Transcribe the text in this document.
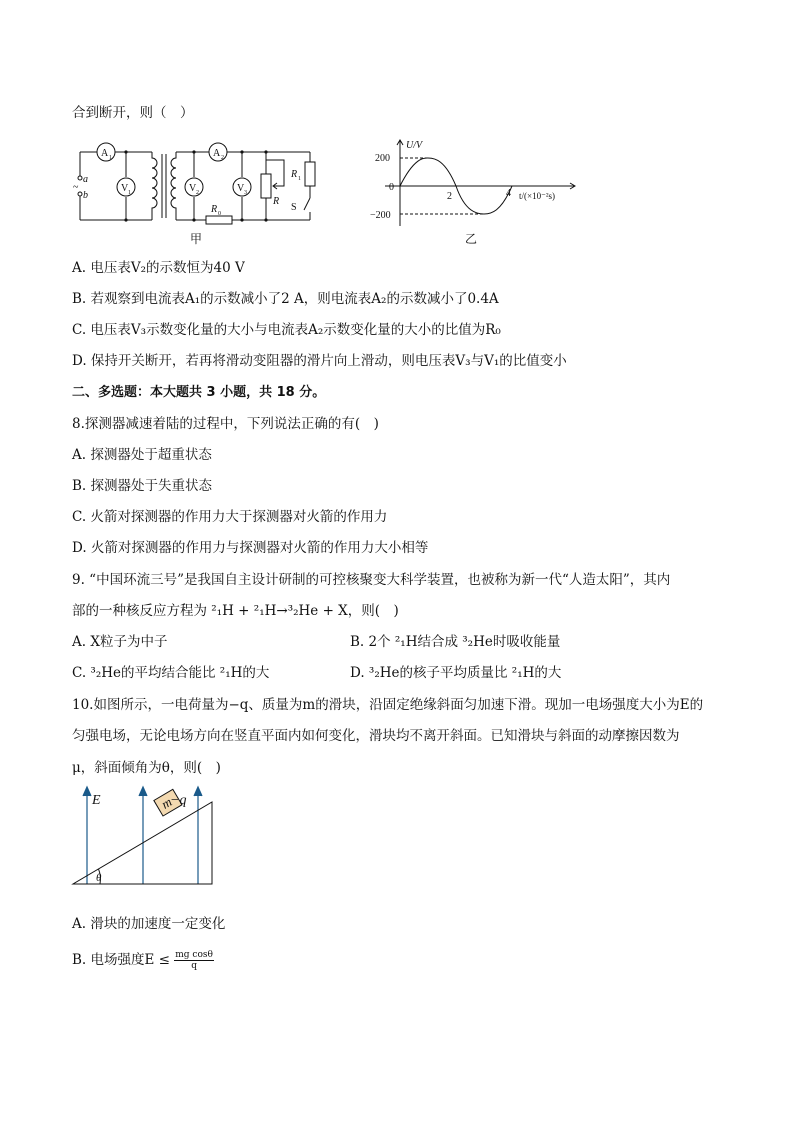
合到断开，则（　）
a
~
b
A 1
V 1	V 2
A 2
V 3
R 0
R
R 1
S
甲
U/V
200
0
−200
2	4 t/(×10⁻²s)
乙
A. 电压表V₂的示数恒为40 V
B. 若观察到电流表A₁的示数减小了2 A，则电流表A₂的示数减小了0.4A
C. 电压表V₃示数变化量的大小与电流表A₂示数变化量的大小的比值为R₀
D. 保持开关断开，若再将滑动变阻器的滑片向上滑动，则电压表V₃与V₁的比值变小
二、多选题：本大题共 3 小题，共 18 分。
8.探测器减速着陆的过程中，下列说法正确的有(　)
A. 探测器处于超重状态
B. 探测器处于失重状态
C. 火箭对探测器的作用力大于探测器对火箭的作用力
D. 火箭对探测器的作用力与探测器对火箭的作用力大小相等
9. “中国环流三号”是我国自主设计研制的可控核聚变大科学装置，也被称为新一代“人造太阳”，其内
部的一种核反应方程为 ²₁H + ²₁H→³₂He + X，则(　)
A. X粒子为中子	B. 2个 ²₁H结合成 ³₂He时吸收能量
C. ³₂He的平均结合能比 ²₁H的大	D. ³₂He的核子平均质量比 ²₁H的大
10.如图所示，一电荷量为−q、质量为m的滑块，沿固定绝缘斜面匀加速下滑。现加一电场强度大小为E的
匀强电场，无论电场方向在竖直平面内如何变化，滑块均不离开斜面。已知滑块与斜面的动摩擦因数为
μ，斜面倾角为θ，则(　)
m
E	−q
θ
A. 滑块的加速度一定变化
B. 电场强度$E \le \frac{\text{mg cosθ}}{q}$
